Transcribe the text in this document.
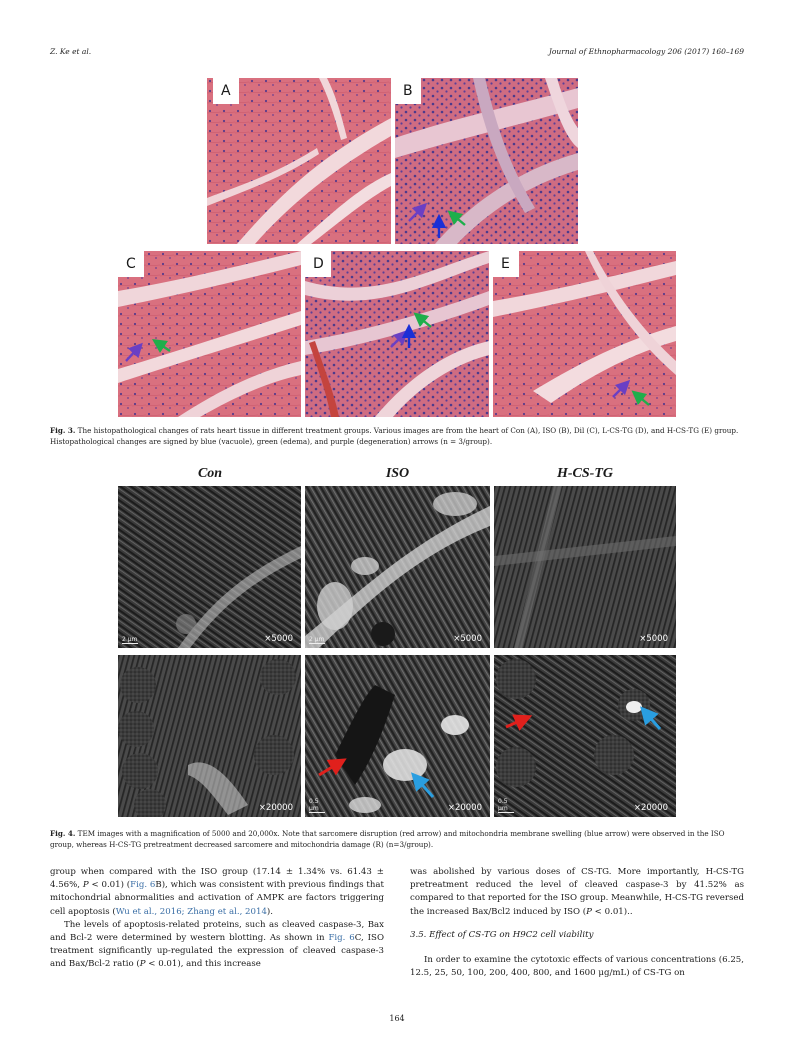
Z. Ke et al.	Journal of Ethnopharmacology 206 (2017) 160–169
A	B
C	D	E
Fig. 3. The histopathological changes of rats heart tissue in different treatment groups. Various images are from the heart of Con (A), ISO (B), Dil (C), L-CS-TG (D), and H-CS-TG (E) group. Histopathological changes are signed by blue (vacuole), green (edema), and purple (degeneration) arrows (n = 3/group).
Con	ISO	H-CS-TG
2 μm	×5000	2 μm	×5000	×5000
×20000
0.5 μm	×20000
0.5 μm	×20000
Fig. 4. TEM images with a magnification of 5000 and 20,000x. Note that sarcomere disruption (red arrow) and mitochondria membrane swelling (blue arrow) were observed in the ISO group, whereas H-CS-TG pretreatment decreased sarcomere and mitochondria damage (R) (n=3/group).

group when compared with the ISO group (17.14 ± 1.34% vs. 61.43 ± 4.56%, P < 0.01) (Fig. 6B), which was consistent with previous findings that mitochondrial abnormalities and activation of AMPK are factors triggering cell apoptosis (Wu et al., 2016; Zhang et al., 2014).

The levels of apoptosis-related proteins, such as cleaved caspase-3, Bax and Bcl-2 were determined by western blotting. As shown in Fig. 6C, ISO treatment significantly up-regulated the expression of cleaved caspase-3 and Bax/Bcl-2 ratio (P < 0.01), and this increase

was abolished by various doses of CS-TG. More importantly, H-CS-TG pretreatment reduced the level of cleaved caspase-3 by 41.52% as compared to that reported for the ISO group. Meanwhile, H-CS-TG reversed the increased Bax/Bcl2 induced by ISO (P < 0.01)..

3.5. Effect of CS-TG on H9C2 cell viability

In order to examine the cytotoxic effects of various concentrations (6.25, 12.5, 25, 50, 100, 200, 400, 800, and 1600 μg/mL) of CS-TG on

164
